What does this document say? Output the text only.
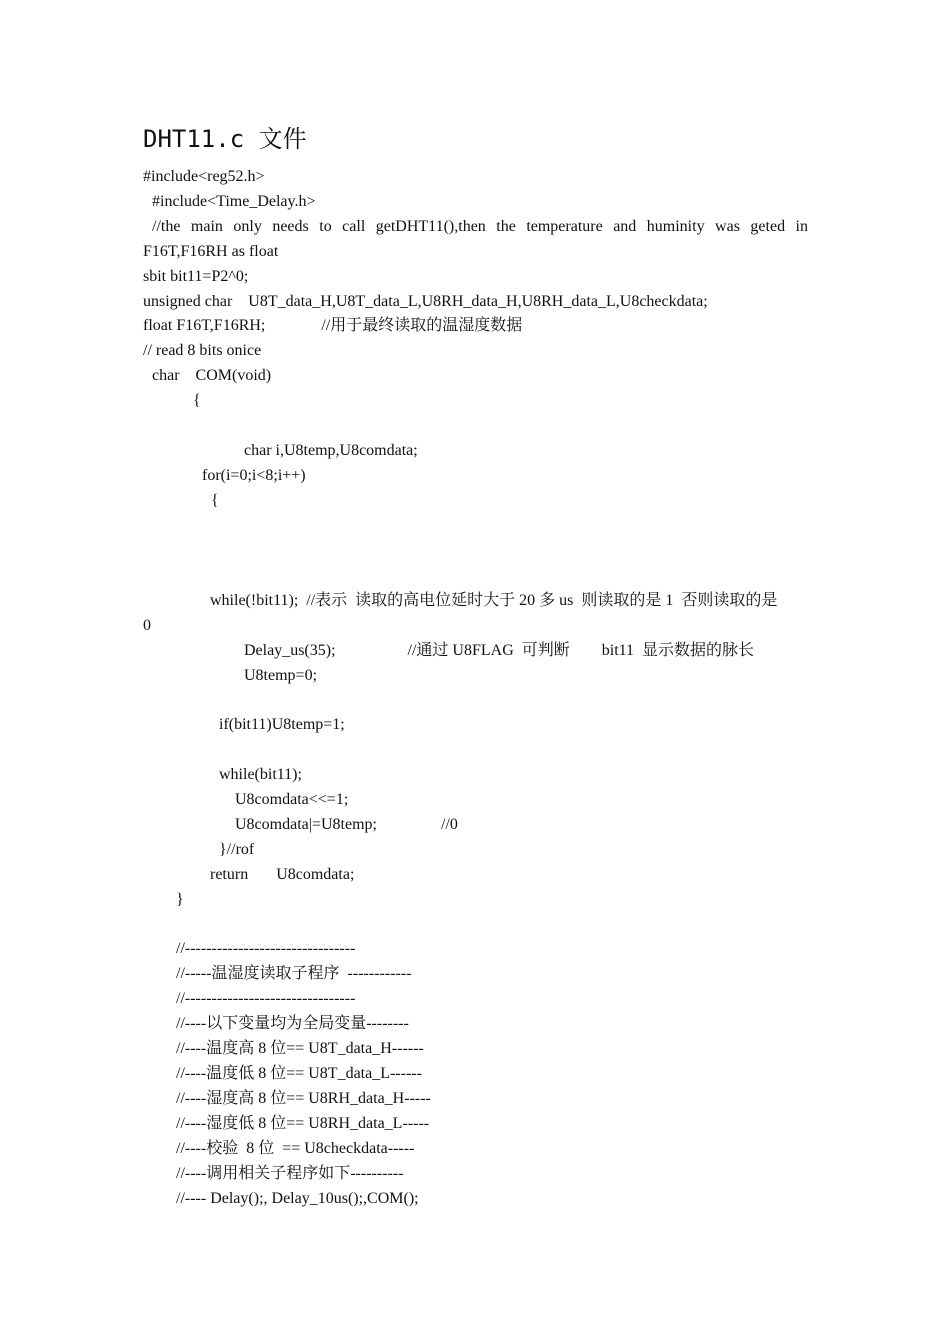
DHT11.c 文件
#include<reg52.h>
#include<Time_Delay.h>
//the main only needs to call getDHT11(),then the temperature and huminity was geted in
F16T,F16RH as float
sbit bit11=P2^0;
unsigned char    U8T_data_H,U8T_data_L,U8RH_data_H,U8RH_data_L,U8checkdata;
float F16T,F16RH;              //用于最终读取的温湿度数据
// read 8 bits onice
char    COM(void)
{
char i,U8temp,U8comdata;
for(i=0;i<8;i++)
{
while(!bit11);  //表示  读取的高电位延时大于 20 多 us  则读取的是 1  否则读取的是
0
Delay_us(35);                  //通过 U8FLAG  可判断        bit11  显示数据的脉长
U8temp=0;
if(bit11)U8temp=1;
while(bit11);
U8comdata<<=1;
U8comdata|=U8temp;                //0
}//rof
return       U8comdata;
}
//--------------------------------
//-----温湿度读取子程序  ------------
//--------------------------------
//----以下变量均为全局变量--------
//----温度高 8 位== U8T_data_H------
//----温度低 8 位== U8T_data_L------
//----湿度高 8 位== U8RH_data_H-----
//----湿度低 8 位== U8RH_data_L-----
//----校验  8 位  == U8checkdata-----
//----调用相关子程序如下----------
//---- Delay();, Delay_10us();,COM();
